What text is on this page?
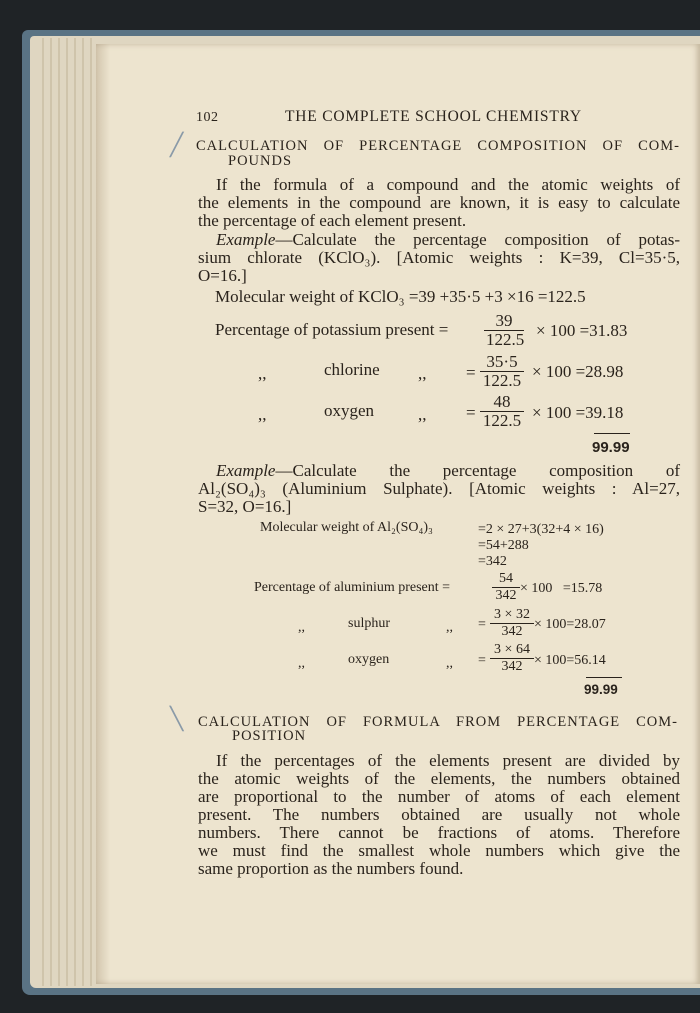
102	THE COMPLETE SCHOOL CHEMISTRY
╱
╲
CALCULATION OF PERCENTAGE COMPOSITION OF COM-
POUNDS
If the formula of a compound and the atomic weights of
the elements in the compound are known, it is easy to calculate
the percentage of each element present.
Example—Calculate the percentage composition of potas-
sium chlorate (KClO₃). [Atomic weights : K=39, Cl=35·5,
O=16.]
Molecular weight of KClO₃ =39 +35·5 +3 ×16 =122.5
Percentage of potassium present = $\frac{39}{122.5} \times 100 =31.83$
,,	chlorine ,, = $\frac{35\cdot 5}{122.5} \times 100 =28.98$
,,	oxygen	,, = $\frac{48}{122.5} \times 100 =39.18$
99.99
Example—Calculate the percentage composition of
Al₂(SO₄)₃ (Aluminium Sulphate). [Atomic weights : Al=27,
S=32, O=16.]
Molecular weight of Al₂(SO₄)₃	=2 × 27+3(32+4 × 16)
=54+288
=342
Percentage of aluminium present =	$\frac{54}{342} \times 100 =15.78$
,,	sulphur	,, = $\frac{3 \times 32}{342} \times 100=28.07$
,,	oxygen	,, = $\frac{3 \times 64}{342} \times 100=56.14$
99.99
CALCULATION OF FORMULA FROM PERCENTAGE COM-
POSITION
If the percentages of the elements present are divided by
the atomic weights of the elements, the numbers obtained
are proportional to the number of atoms of each element
present. The numbers obtained are usually not whole
numbers. There cannot be fractions of atoms. Therefore
we must find the smallest whole numbers which give the
same proportion as the numbers found.
